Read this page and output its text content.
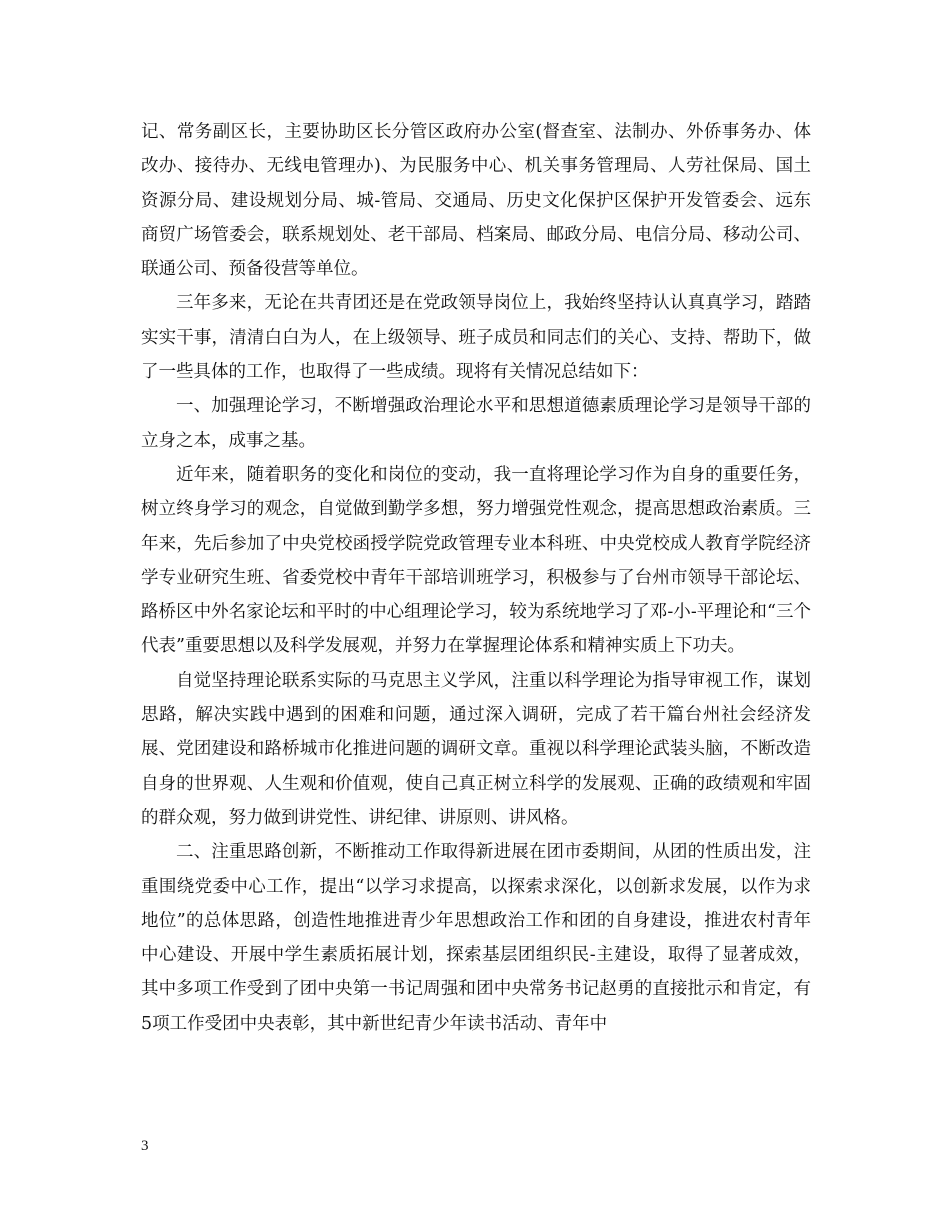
记、常务副区长，主要协助区长分管区政府办公室(督查室、法制办、外侨事务办、体改办、接待办、无线电管理办)、为民服务中心、机关事务管理局、人劳社保局、国土资源分局、建设规划分局、城-管局、交通局、历史文化保护区保护开发管委会、远东商贸广场管委会，联系规划处、老干部局、档案局、邮政分局、电信分局、移动公司、联通公司、预备役营等单位。

三年多来，无论在共青团还是在党政领导岗位上，我始终坚持认认真真学习，踏踏实实干事，清清白白为人，在上级领导、班子成员和同志们的关心、支持、帮助下，做了一些具体的工作，也取得了一些成绩。现将有关情况总结如下：

一、加强理论学习，不断增强政治理论水平和思想道德素质理论学习是领导干部的立身之本，成事之基。

近年来，随着职务的变化和岗位的变动，我一直将理论学习作为自身的重要任务，树立终身学习的观念，自觉做到勤学多想，努力增强党性观念，提高思想政治素质。三年来，先后参加了中央党校函授学院党政管理专业本科班、中央党校成人教育学院经济学专业研究生班、省委党校中青年干部培训班学习，积极参与了台州市领导干部论坛、路桥区中外名家论坛和平时的中心组理论学习，较为系统地学习了邓-小-平理论和“三个代表”重要思想以及科学发展观，并努力在掌握理论体系和精神实质上下功夫。

自觉坚持理论联系实际的马克思主义学风，注重以科学理论为指导审视工作，谋划思路，解决实践中遇到的困难和问题，通过深入调研，完成了若干篇台州社会经济发展、党团建设和路桥城市化推进问题的调研文章。重视以科学理论武装头脑，不断改造自身的世界观、人生观和价值观，使自己真正树立科学的发展观、正确的政绩观和牢固的群众观，努力做到讲党性、讲纪律、讲原则、讲风格。

二、注重思路创新，不断推动工作取得新进展在团市委期间，从团的性质出发，注重围绕党委中心工作，提出“以学习求提高，以探索求深化，以创新求发展，以作为求地位”的总体思路，创造性地推进青少年思想政治工作和团的自身建设，推进农村青年中心建设、开展中学生素质拓展计划，探索基层团组织民-主建设，取得了显著成效，其中多项工作受到了团中央第一书记周强和团中央常务书记赵勇的直接批示和肯定，有5项工作受团中央表彰，其中新世纪青少年读书活动、青年中

3
